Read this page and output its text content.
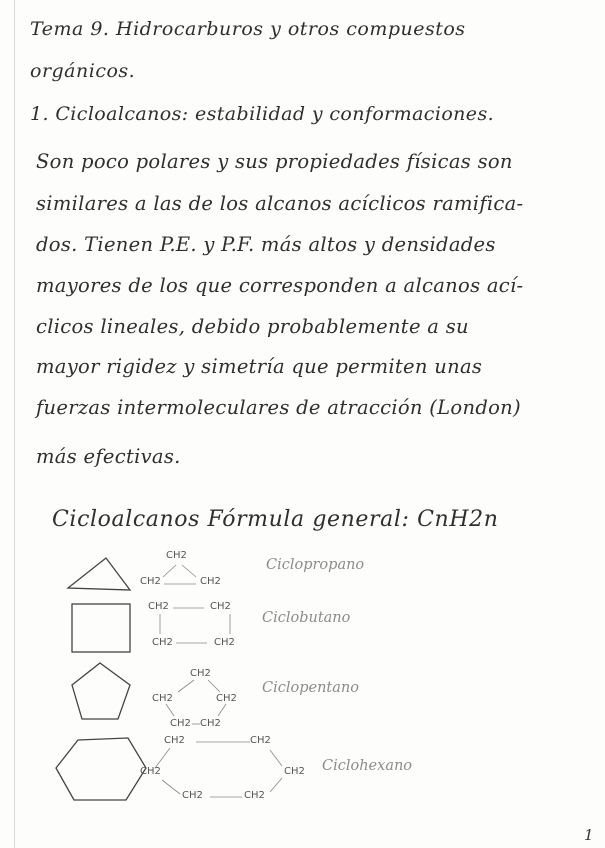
Tema 9. Hidrocarburos y otros compuestos
orgánicos.
1. Cicloalcanos: estabilidad y conformaciones.
Son poco polares y sus propiedades físicas son
similares a las de los alcanos acíclicos ramifica-
dos. Tienen P.E. y P.F. más altos y densidades
mayores de los que corresponden a alcanos ací-
clicos lineales, debido probablemente a su
mayor rigidez y simetría que permiten unas
fuerzas intermoleculares de atracción (London)
más efectivas.
Cicloalcanos Fórmula general: CnH2n
CH2
CH2	CH2
Ciclopropano
CH2	CH2
CH2	CH2
Ciclobutano
CH2
CH2	CH2
CH2 CH2
Ciclopentano
CH2	CH2
CH2	CH2
CH2	CH2
Ciclohexano
1
